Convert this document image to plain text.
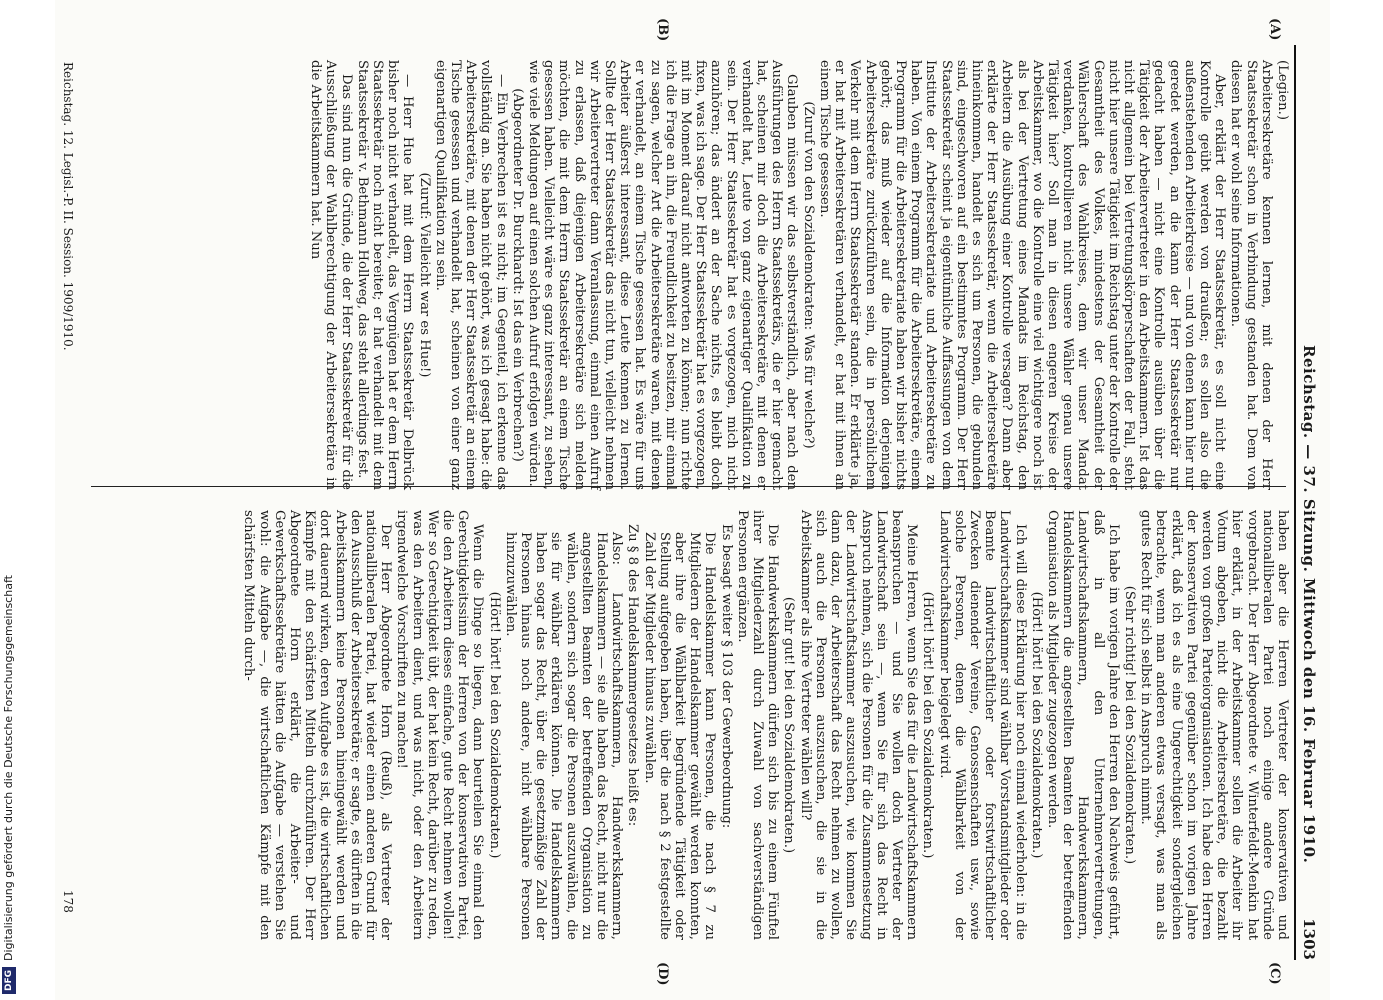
Reichstag. — 37. Sitzung. Mittwoch den 16. Februar 1910.
1303
(A)
(B)
(C)
(D)

(Legien.)

Arbeitersekretäre kennen lernen, mit denen der Herr Staatssekretär schon in Verbindung gestanden hat. Dem von diesen hat er wohl seine Informationen.

Aber, erklärt der Herr Staatssekretär, es soll nicht eine Kontrolle geübt werden von draußen; es sollen also die außenstehenden Arbeiterkreise — und von denen kann hier nur geredet werden, an die kann der Herr Staatssekretär nur gedacht haben — nicht eine Kontrolle ausüben über die Tätigkeit der Arbeitervertreter in den Arbeitskammern. Ist das nicht allgemein bei Vertretungskörperschaften der Fall, steht nicht hier unsere Tätigkeit im Reichstag unter der Kontrolle der Gesamtheit des Volkes, mindestens der Gesamtheit der Wählerschaft des Wahlkreises, dem wir unser Mandat verdanken, kontrollieren nicht unsere Wähler genau unsere Tätigkeit hier? Soll man in diesen engeren Kreise der Arbeitskammer, wo die Kontrolle eine viel wichtigere noch ist als bei der Vertretung eines Mandats im Reichstag, den Arbeitern die Ausübung einer Kontrolle versagen? Dann aber erklärte der Herr Staatssekretär, wenn die Arbeitersekretäre hineinkommen, handelt es sich um Personen, die gebunden sind, eingeschworen auf ein bestimmtes Programm. Der Herr Staatssekretär scheint ja eigentümliche Auffassungen von dem Institute der Arbeitersekretariate und Arbeitersekretäre zu haben. Von einem Programm für die Arbeitersekretäre, einem Programm für die Arbeitersekretariate haben wir bisher nichts gehört; das muß wieder auf die Information derjenigen Arbeitersekretäre zurückzuführen sein, die in persönlichem Verkehr mit dem Herrn Staatssekretär standen. Er erklärte ja, er hat mit Arbeitersekretären verhandelt, er hat mit ihnen an einem Tische gesessen.

(Zuruf von den Sozialdemokraten: Was für welche?)

Glauben müssen wir das selbstverständlich, aber nach den Ausführungen des Herrn Staatssekretärs, die er hier gemacht hat, scheinen mir doch die Arbeitersekretäre, mit denen er verhandelt hat, Leute von ganz eigenartiger Qualifikation zu sein. Der Herr Staatssekretär hat es vorgezogen, mich nicht anzuhören; das ändert an der Sache nichts, es bleibt doch fixen, was ich sage. Der Herr Staatssekretär hat es vorgezogen, mit im Moment darauf nicht antworten zu können; nun richte ich die Frage an ihn, die Freundlichkeit zu besitzen, mir einmal zu sagen, welcher Art die Arbeitersekretäre waren, mit denen er verhandelt, an einem Tische gesessen hat. Es wäre für uns Arbeiter äußerst interessant, diese Leute kennen zu lernen. Sollte der Herr Staatssekretär das nicht tun, vielleicht nehmen wir Arbeitervertreter dann Veranlassung, einmal einen Aufruf zu erlassen, daß diejenigen Arbeitersekretäre sich melden möchten, die mit dem Herrn Staatssekretär an einem Tische gesessen haben. Vielleicht wäre es ganz interessant, zu sehen, wie viele Meldungen auf einen solchen Aufruf erfolgen würden.

(Abgeordneter Dr. Burckhardt: Ist das ein Verbrechen?)

— Ein Verbrechen ist es nicht; im Gegenteil, ich erkenne das vollständig an. Sie haben nicht gehört, was ich gesagt habe: die Arbeitersekretäre, mit denen der Herr Staatssekretär an einem Tische gesessen und verhandelt hat, scheinen von einer ganz eigenartigen Qualifikation zu sein.

(Zuruf: Vielleicht war es Hue!)

— Herr Hue hat mit dem Herrn Staatssekretär Delbrück bisher noch nicht verhandelt, das Vergnügen hat er dem Herrn Staatssekretär noch nicht bereitet; er hat verhandelt mit dem Staatssekretär v. Bethmann Hollweg, das steht allerdings fest.

Das sind nun die Gründe, die der Herr Staatssekretär für die Ausschließung der Wahlberechtigung der Arbeitersekretäre in die Arbeitskammern hat. Nun

haben aber die Herren Vertreter der konservativen und nationalliberalen Partei noch einige andere Gründe vorgebracht. Der Herr Abgeordnete v. Winterfeldt-Menkin hat hier erklärt, in der Arbeitskammer sollen die Arbeiter ihr Votum abgeben, nicht die Arbeitersekretäre, die bezahlt werden von großen Parteiorganisationen. Ich habe den Herren der konservativen Partei gegenüber schon im vorigen Jahre erklärt, daß ich es als eine Ungerechtigkeit sondergleichen betrachte, wenn man anderen etwas versagt, was man als gutes Recht für sich selbst in Anspruch nimmt.

(Sehr richtig! bei den Sozialdemokraten.)

Ich habe im vorigen Jahre den Herren den Nachweis geführt, daß in all den Unternehmervertretungen, Landwirtschaftskammern, Handwerkskammern, Handelskammern die angestellten Beamten der betreffenden Organisation als Mitglieder zugezogen werden.

(Hört! hört! bei den Sozialdemokraten.)

Ich will diese Erklärung hier noch einmal wiederholen: in die Landwirtschaftskammer sind wählbar Vorstandsmitglieder oder Beamte landwirtschaftlicher oder forstwirtschaftlicher Zwecken dienender Vereine, Genossenschaften usw., sowie solche Personen, denen die Wählbarkeit von der Landwirtschaftskammer beigelegt wird.

(Hört! hört! bei den Sozialdemokraten.)

Meine Herren, wenn Sie das für die Landwirtschaftskammern beanspruchen — und Sie wollen doch Vertreter der Landwirtschaft sein —, wenn Sie für sich das Recht in Anspruch nehmen, sich die Personen für die Zusammensetzung der Landwirtschaftskammer auszusuchen, wie kommen Sie dann dazu, der Arbeiterschaft das Recht nehmen zu wollen, sich auch die Personen auszusuchen, die sie in die Arbeitskammer als ihre Vertreter wählen will?

(Sehr gut! bei den Sozialdemokraten.)

Die Handwerkskammern dürfen sich bis zu einem Fünftel ihrer Mitgliederzahl durch Zuwahl von sachverständigen Personen ergänzen.

Es besagt weiter § 103 der Gewerbeordnung:

Die Handelskammer kann Personen, die nach § 7 zu Mitgliedern der Handelskammer gewählt werden konnten, aber ihre die Wählbarkeit begründende Tätigkeit oder Stellung aufgegeben haben, über die nach § 2 festgestellte Zahl der Mitglieder hinaus zuwählen.

Zu § 8 des Handelskammergesetzes heißt es:

Also: Landwirtschaftskammern, Handwerkskammern, Handelskammern — sie alle haben das Recht, nicht nur die angestellten Beamten der betreffenden Organisation zu wählen, sondern sich sogar die Personen auszuwählen, die sie für wählbar erklären können. Die Handelskammern haben sogar das Recht, über die gesetzmäßige Zahl der Personen hinaus noch andere, nicht wählbare Personen hinzuzuwählen.

(Hört! hört! bei den Sozialdemokraten.)

Wenn die Dinge so liegen, dann beurteilen Sie einmal den Gerechtigkeitssinn der Herren von der konservativen Partei, die den Arbeitern dieses einfache, gute Recht nehmen wollen! Wer so Gerechtigkeit übt, der hat kein Recht, darüber zu reden, was den Arbeitern dient, und was nicht, oder den Arbeitern irgendwelche Vorschriften zu machen!

Der Herr Abgeordnete Horn (Reuß), als Vertreter der nationalliberalen Partei, hat wieder einen anderen Grund für den Ausschluß der Arbeitersekretäre; er sagte, es dürften in die Arbeitskammern keine Personen hineingewählt werden und dort dauernd wirken, deren Aufgabe es ist, die wirtschaftlichen Kämpfe mit den schärfsten Mitteln durchzuführen. Der Herr Abgeordnete Horn erklärt, die Arbeiter- und Gewerkschaftssekretäre hätten die Aufgabe — verstehen Sie wohl: die Aufgabe —, die wirtschaftlichen Kämpfe mit den schärfsten Mitteln durch-

Reichstag. 12. Legisl.-P. II. Session. 1909/1910.
178
DFGDigitalisierung gefördert durch die Deutsche Forschungsgemeinschaft
